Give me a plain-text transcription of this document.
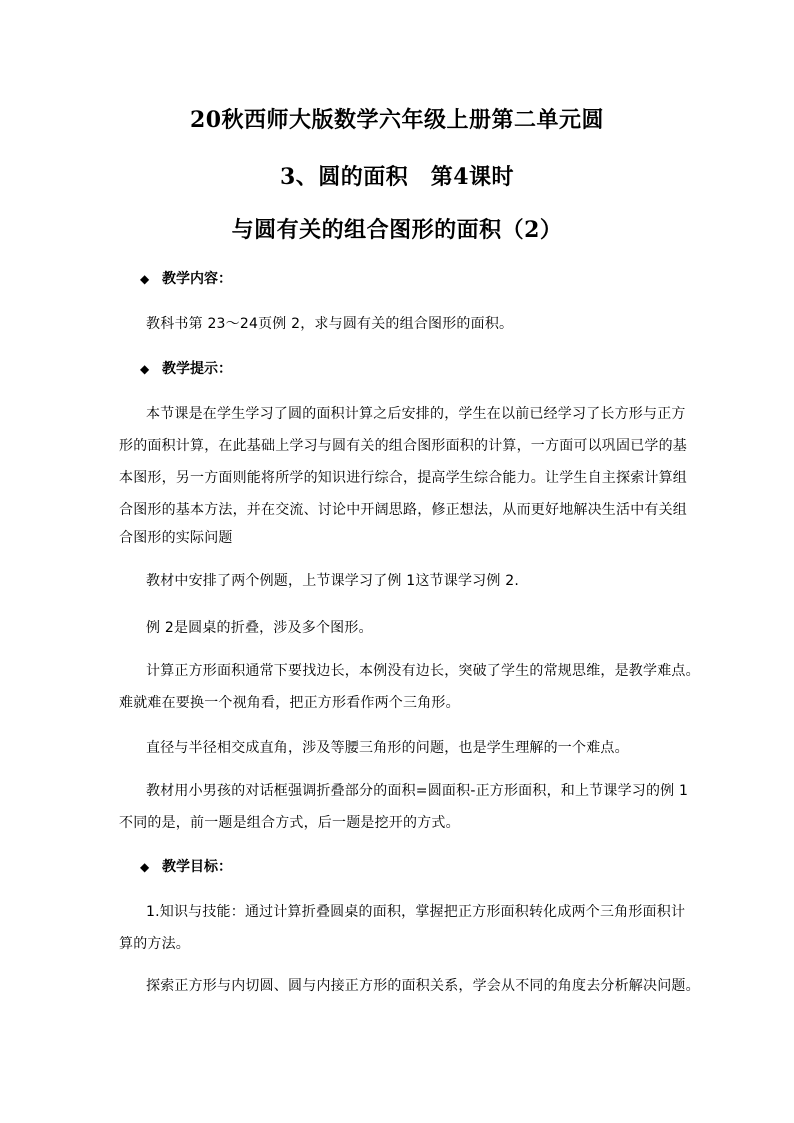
20秋西师大版数学六年级上册第二单元圆
3、圆的面积　第4课时
与圆有关的组合图形的面积（2）
◆ 教学内容：
教科书第 23～24页例 2，求与圆有关的组合图形的面积。
◆ 教学提示：
本节课是在学生学习了圆的面积计算之后安排的，学生在以前已经学习了长方形与正方
形的面积计算，在此基础上学习与圆有关的组合图形面积的计算，一方面可以巩固已学的基
本图形，另一方面则能将所学的知识进行综合，提高学生综合能力。让学生自主探索计算组
合图形的基本方法，并在交流、讨论中开阔思路，修正想法，从而更好地解决生活中有关组
合图形的实际问题
教材中安排了两个例题，上节课学习了例 1这节课学习例 2.
例 2是圆桌的折叠，涉及多个图形。
计算正方形面积通常下要找边长，本例没有边长，突破了学生的常规思维，是教学难点。
难就难在要换一个视角看，把正方形看作两个三角形。
直径与半径相交成直角，涉及等腰三角形的问题，也是学生理解的一个难点。
教材用小男孩的对话框强调折叠部分的面积=圆面积-正方形面积，和上节课学习的例 1
不同的是，前一题是组合方式，后一题是挖开的方式。
◆ 教学目标：
1.知识与技能：通过计算折叠圆桌的面积，掌握把正方形面积转化成两个三角形面积计
算的方法。
探索正方形与内切圆、圆与内接正方形的面积关系，学会从不同的角度去分析解决问题。
